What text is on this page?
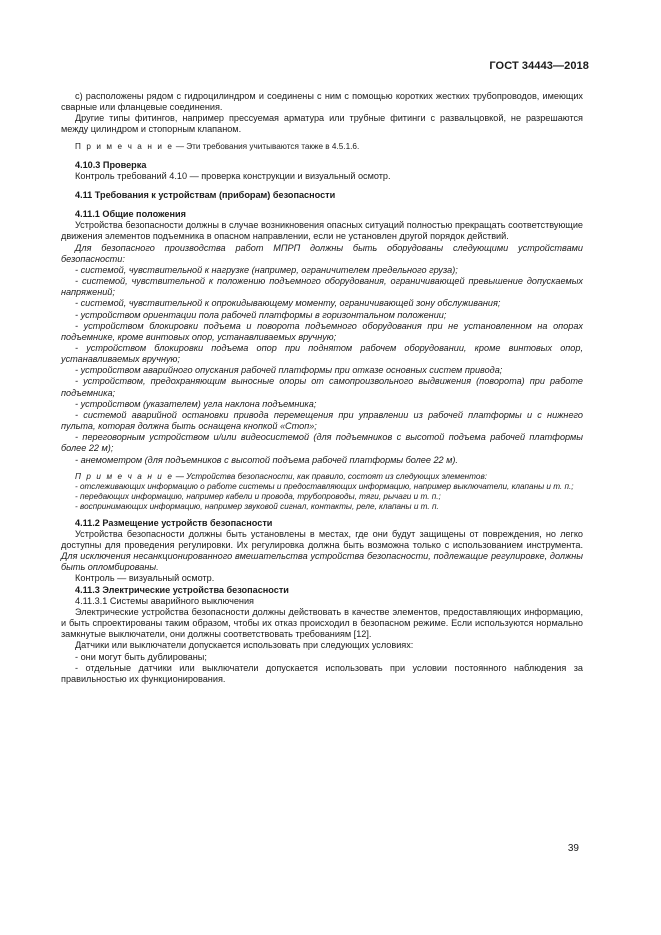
ГОСТ 34443—2018

с) расположены рядом с гидроцилиндром и соединены с ним с помощью коротких жестких трубопроводов, имеющих сварные или фланцевые соединения.

Другие типы фитингов, например прессуемая арматура или трубные фитинги с развальцовкой, не разрешаются между цилиндром и стопорным клапаном.

П р и м е ч а н и е — Эти требования учитываются также в 4.5.1.6.

4.10.3 Проверка

Контроль требований 4.10 — проверка конструкции и визуальный осмотр.

4.11 Требования к устройствам (приборам) безопасности

4.11.1 Общие положения

Устройства безопасности должны в случае возникновения опасных ситуаций полностью прекращать соответствующие движения элементов подъемника в опасном направлении, если не установлен другой порядок действий.

Для безопасного производства работ МПРП должны быть оборудованы следующими устройствами безопасности:

- системой, чувствительной к нагрузке (например, ограничителем предельного груза);

- системой, чувствительной к положению подъемного оборудования, ограничивающей превышение допускаемых напряжений;

- системой, чувствительной к опрокидывающему моменту, ограничивающей зону обслуживания;

- устройством ориентации пола рабочей платформы в горизонтальном положении;

- устройством блокировки подъема и поворота подъемного оборудования при не установленном на опорах подъемнике, кроме винтовых опор, устанавливаемых вручную;

- устройством блокировки подъема опор при поднятом рабочем оборудовании, кроме винтовых опор, устанавливаемых вручную;

- устройством аварийного опускания рабочей платформы при отказе основных систем привода;

- устройством, предохраняющим выносные опоры от самопроизвольного выдвижения (поворота) при работе подъемника;

- устройством (указателем) угла наклона подъемника;

- системой аварийной остановки привода перемещения при управлении из рабочей платформы и с нижнего пульта, которая должна быть оснащена кнопкой «Стоп»;

- переговорным устройством и/или видеосистемой (для подъемников с высотой подъема рабочей платформы более 22 м);

- анемометром (для подъемников с высотой подъема рабочей платформы более 22 м).

П р и м е ч а н и е — Устройства безопасности, как правило, состоят из следующих элементов:

- отслеживающих информацию о работе системы и предоставляющих информацию, например выключатели, клапаны и т. п.;

- передающих информацию, например кабели и провода, трубопроводы, тяги, рычаги и т. п.;

- воспринимающих информацию, например звуковой сигнал, контакты, реле, клапаны и т. п.

4.11.2 Размещение устройств безопасности

Устройства безопасности должны быть установлены в местах, где они будут защищены от повреждения, но легко доступны для проведения регулировки. Их регулировка должна быть возможна только с использованием инструмента. Для исключения несанкционированного вмешательства устройства безопасности, подлежащие регулировке, должны быть опломбированы.

Контроль — визуальный осмотр.

4.11.3 Электрические устройства безопасности

4.11.3.1 Системы аварийного выключения

Электрические устройства безопасности должны действовать в качестве элементов, предоставляющих информацию, и быть спроектированы таким образом, чтобы их отказ происходил в безопасном режиме. Если используются нормально замкнутые выключатели, они должны соответствовать требованиям [12].

Датчики или выключатели допускается использовать при следующих условиях:

- они могут быть дублированы;

- отдельные датчики или выключатели допускается использовать при условии постоянного наблюдения за правильностью их функционирования.

39
